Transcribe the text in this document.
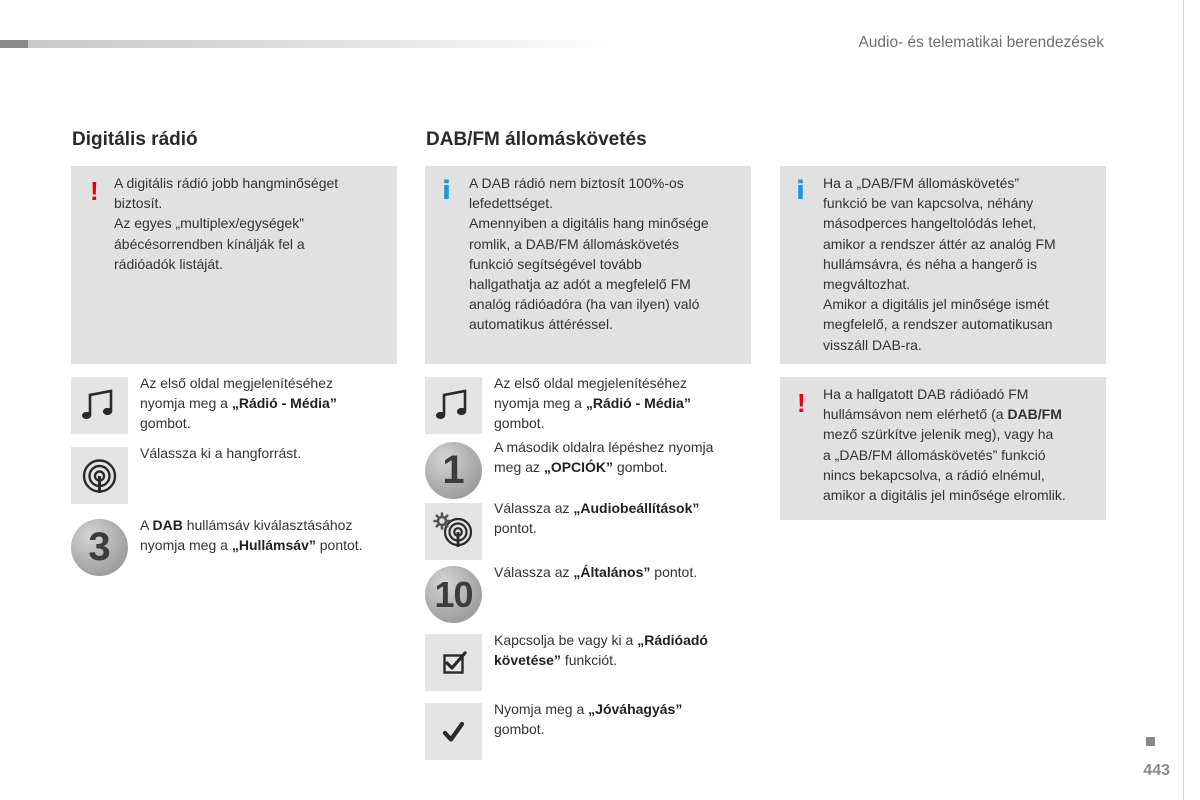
Audio- és telematikai berendezések
Digitális rádió
! A digitális rádió jobb hangminőséget
biztosít.
Az egyes „multiplex/egységek”
ábécésorrendben kínálják fel a
rádióadók listáját.
Az első oldal megjelenítéséhez
nyomja meg a „Rádió - Média”
gombot.
Válassza ki a hangforrást.
3	A DAB hullámsáv kiválasztásához
nyomja meg a „Hullámsáv” pontot.
DAB/FM állomáskövetés
i A DAB rádió nem biztosít 100%-os
lefedettséget.
Amennyiben a digitális hang minősége
romlik, a DAB/FM állomáskövetés
funkció segítségével tovább
hallgathatja az adót a megfelelő FM
analóg rádióadóra (ha van ilyen) való
automatikus áttéréssel.
Az első oldal megjelenítéséhez
nyomja meg a „Rádió - Média”
gombot.
1
A második oldalra lépéshez nyomja
meg az „OPCIÓK” gombot.
Válassza az „Audiobeállítások”
pontot.
10
Válassza az „Általános” pontot.
Kapcsolja be vagy ki a „Rádióadó
követése” funkciót.
Nyomja meg a „Jóváhagyás”
gombot.
i Ha a „DAB/FM állomáskövetés”
funkció be van kapcsolva, néhány
másodperces hangeltolódás lehet,
amikor a rendszer áttér az analóg FM
hullámsávra, és néha a hangerő is
megváltozhat.
Amikor a digitális jel minősége ismét
megfelelő, a rendszer automatikusan
visszáll DAB-ra.
! Ha a hallgatott DAB rádióadó FM
hullámsávon nem elérhető (a DAB/FM
mező szürkítve jelenik meg), vagy ha
a „DAB/FM állomáskövetés” funkció
nincs bekapcsolva, a rádió elnémul,
amikor a digitális jel minősége elromlik.
443
